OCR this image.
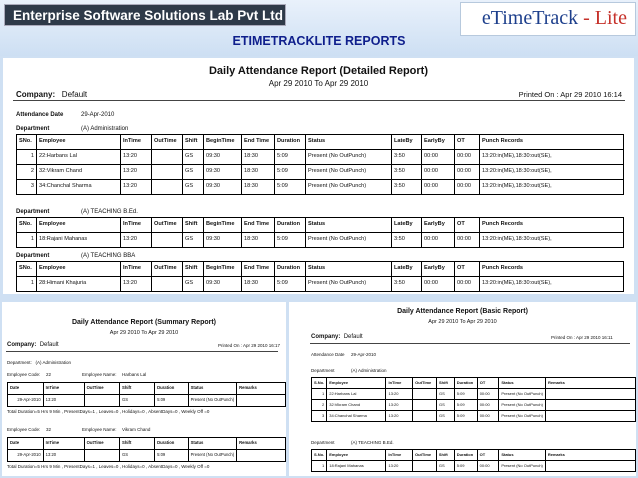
Enterprise Software Solutions Lab Pvt Ltd	eTimeTrack - Lite
ETIMETRACKLITE REPORTS
Daily Attendance Report (Detailed Report)
Apr 29 2010 To Apr 29 2010
Company: Default	Printed On : Apr 29 2010 16:14
Attendance Date	29-Apr-2010
Department	(A) Administration
SNo.	Employee	InTime	OutTime	Shift	BeginTime	End Time	Duration	Status	LateBy	EarlyBy	OT	Punch Records
1	22:Harbans Lal	13:20		GS	09:30	18:30	5:09	Present (No OutPunch)	3:50	00:00	00:00	13:20:in(ME),18:30:out(SE),
2	32:Vikram Chand	13:20		GS	09:30	18:30	5:09	Present (No OutPunch)	3:50	00:00	00:00	13:20:in(ME),18:30:out(SE),
3	34:Chanchal Sharma	13:20		GS	09:30	18:30	5:09	Present (No OutPunch)	3:50	00:00	00:00	13:20:in(ME),18:30:out(SE),
Department	(A) TEACHING B.Ed.
SNo.	Employee	InTime	OutTime	Shift	BeginTime	End Time	Duration	Status	LateBy	EarlyBy	OT	Punch Records
1	18:Rajani Mahanas	13:20		GS	09:30	18:30	5:09	Present (No OutPunch)	3:50	00:00	00:00	13:20:in(ME),18:30:out(SE),
Department	(A) TEACHING BBA
SNo.	Employee	InTime	OutTime	Shift	BeginTime	End Time	Duration	Status	LateBy	EarlyBy	OT	Punch Records
1	28:Himani Khajuria	13:20		GS	09:30	18:30	5:09	Present (No OutPunch)	3:50	00:00	00:00	13:20:in(ME),18:30:out(SE),
Daily Attendance Report (Summary Report)
Apr 29 2010 To Apr 29 2010
Company: Default	Printed On : Apr 29 2010 16:17
Department: (A) Administration
Employee Code: 22	Employee Name: Harbans Lal
Date	InTime	OutTime	Shift	Duration	Status	Remarks
29-Apr-2010	13:20		GS	5:09	Present (No OutPunch)	
Total Duration=5 Hrs 9 Min , PresentDays=1 , Leaves=0 , Holidays=0 , AbsentDays=0 , Weekly Off =0
Employee Code: 32	Employee Name: Vikram Chand
Date	InTime	OutTime	Shift	Duration	Status	Remarks
29-Apr-2010	13:20		GS	5:09	Present (No OutPunch)	
Total Duration=5 Hrs 9 Min , PresentDays=1 , Leaves=0 , Holidays=0 , AbsentDays=0 , Weekly Off =0
Daily Attendance Report (Basic Report)
Apr 29 2010 To Apr 29 2010
Company: Default	Printed On : Apr 29 2010 16:11
Attendance Date 29-Apr-2010
Department	(A) Administration
S.No.	Employee	InTime	OutTime	Shift	Duration	OT	Status	Remarks
1	22:Harbans Lal	13:20		GS	5:09	00:00	Present (No OutPunch)	
2	32:Vikram Chand	13:20		GS	5:09	00:00	Present (No OutPunch)	
3	34:Chanchal Sharma	13:20		GS	5:09	00:00	Present (No OutPunch)	
Department	(A) TEACHING B.Ed.
S.No.	Employee	InTime	OutTime	Shift	Duration	OT	Status	Remarks
1	18:Rajani Mahanas	13:20		GS	5:09	00:00	Present (No OutPunch)	
